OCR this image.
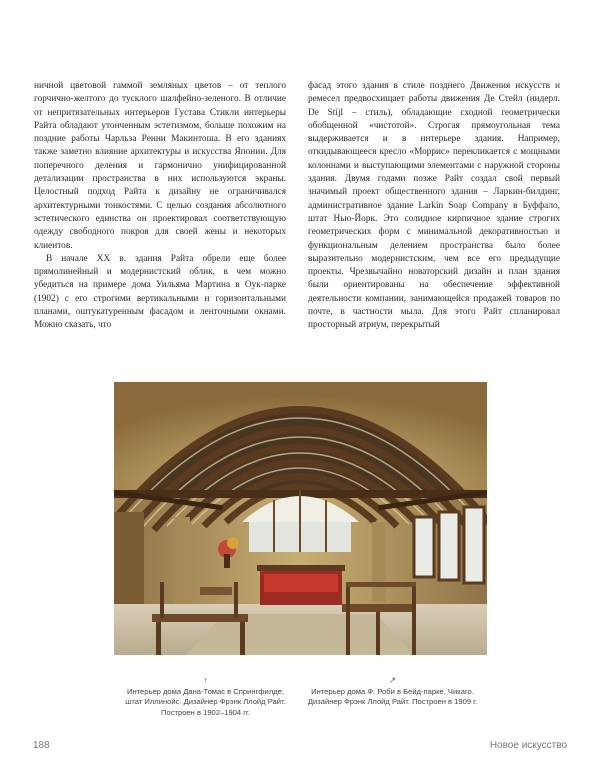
ничной цветовой гаммой земляных цветов – от теплого горчично-желтого до тусклого шалфейно-зеленого. В отличие от непритязательных интерьеров Густава Стикли интерьеры Райта обладают утонченным эстетизмом, больше похожим на поздние работы Чарльза Ренни Макинтоша. В его зданиях также заметно влияние архитектуры и искусства Японии. Для поперечного деления и гармонично унифицированной детализации пространства в них используются экраны. Целостный подход Райта к дизайну не ограничивался архитектурными тонкостями. С целью создания абсолютного эстетического единства он проектировал соответствующую одежду свободного покроя для своей жены и некоторых клиентов.

В начале XX в. здания Райта обрели еще более прямолинейный и модернистский облик, в чем можно убедиться на примере дома Уильяма Мартина в Оук-парке (1902) с его строгими вертикальными и горизонтальными планами, оштукатуренным фасадом и ленточными окнами. Можно сказать, что

фасад этого здания в стиле позднего Движения искусств и ремесел предвосхищает работы движения Де Стейл (нидерл. De Stijl – стиль), обладающие сходной геометрически обобщенной «чистотой». Строгая прямоугольная тема выдерживается и в интерьере здания. Например, откидывающееся кресло «Моррис» перекликается с мощными колоннами и выступающими элементами с наружной стороны здания. Двумя годами позже Райт создал свой первый значимый проект общественного здания – Ларкин-билдинг, административное здание Larkin Soap Company в Буффало, штат Нью-Йорк. Это солидное кирпичное здание строгих геометрических форм с минимальной декоративностью и функциональным делением пространства было более выразительно модернистским, чем все его предыдущие проекты. Чрезвычайно новаторский дизайн и план здания были ориентированы на обеспечение эффективной деятельности компании, занимающейся продажей товаров по почте, в частности мыла. Для этого Райт спланировал просторный атриум, перекрытый

↑
Интерьер дома Дана-Томас в Спрингфилде, штат Иллинойс. Дизайнер Фрэнк Ллойд Райт. Построен в 1902–1904 гг.
↗
Интерьер дома Ф. Роби в Бейд-парке, Чикаго. Дизайнер Фрэнк Ллойд Райт. Построен в 1909 г.
188	Новое искусство
